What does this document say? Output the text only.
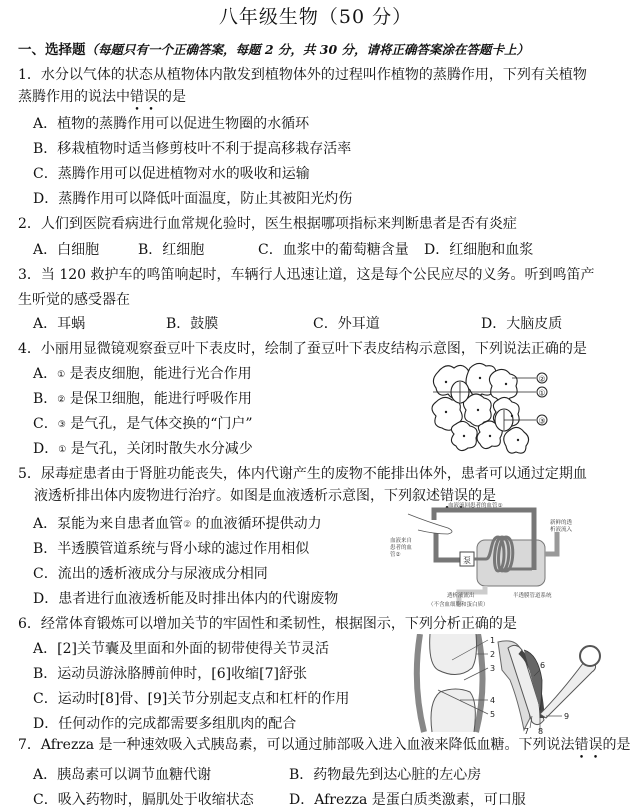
八年级生物（50 分）
一、选择题（每题只有一个正确答案，每题 2 分，共 30 分，请将正确答案涂在答题卡上）
1．水分以气体的状态从植物体内散发到植物体外的过程叫作植物的蒸腾作用，下列有关植物
蒸腾作用的说法中错误的是
A．植物的蒸腾作用可以促进生物圈的水循环
B．移栽植物时适当修剪枝叶不利于提高移栽存活率
C．蒸腾作用可以促进植物对水的吸收和运输
D．蒸腾作用可以降低叶面温度，防止其被阳光灼伤
2．人们到医院看病进行血常规化验时，医生根据哪项指标来判断患者是否有炎症
A．白细胞	B．红细胞	C．血浆中的葡萄糖含量 D．红细胞和血浆
3．当 120 救护车的鸣笛响起时，车辆行人迅速让道，这是每个公民应尽的义务。听到鸣笛产
生听觉的感受器在
A．耳蜗	B．鼓膜	C．外耳道	D．大脑皮质
4．小丽用显微镜观察蚕豆叶下表皮时，绘制了蚕豆叶下表皮结构示意图，下列说法正确的是
A．① 是表皮细胞，能进行光合作用
B．② 是保卫细胞，能进行呼吸作用
C．③ 是气孔，是气体交换的“门户”
D．① 是气孔，关闭时散失水分减少
②
①
③
5．尿毒症患者由于肾脏功能丧失，体内代谢产生的废物不能排出体外，患者可以通过定期血
液透析排出体内废物进行治疗。如图是血液透析示意图，下列叙述错误的是
A．泵能为来自患者血管② 的血液循环提供动力
B．半透膜管道系统与肾小球的滤过作用相似
C．流出的透析液成分与尿液成分相同
D．患者进行血液透析能及时排出体内的代谢废物
泵
血液流回患者的血管①
血液来自
患者的血
管②
新鲜的透
析液流入
透析液流出
（不含血细胞和蛋白质）
半透膜管道系统
6．经常体育锻炼可以增加关节的牢固性和柔韧性，根据图示，下列分析正确的是
A．[2]关节囊及里面和外面的韧带使得关节灵活
B．运动员游泳胳膊前伸时，[6]收缩[7]舒张
C．运动时[8]骨、[9]关节分别起支点和杠杆的作用
D．任何动作的完成都需要多组肌肉的配合
1
2
3
4
5
6
7 8
9
7．Afrezza 是一种速效吸入式胰岛素，可以通过肺部吸入进入血液来降低血糖。下列说法错误的是
A．胰岛素可以调节血糖代谢	B．药物最先到达心脏的左心房
C．吸入药物时，膈肌处于收缩状态	D．Afrezza 是蛋白质类激素，可口服
